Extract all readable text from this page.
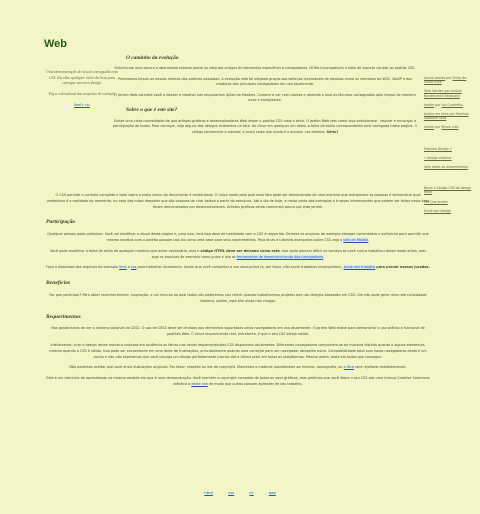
Web

Uma demonstração do visual conseguido com CSS. Escolha qualquer estilo da lista para carregar um novo design.

Faça o download dos arquivos de exemplo

html e css

O caminho da evolução

Entulhando uma escura e abarrotada estrada jazem as relíquias antigas de elementos específicos a navegadores, DOMs incompatíveis e falta de suporte correto ao padrão CSS.

Precisamos limpar as nossas mentes das práticas passadas. A evolução web foi elegada graças aos esforços incansáveis de pessoas como os membros do W3C, WaSP e dos criadores dos principais navegadores em uso atualmente.

O Jardim Web concede você a relaxar e resolhar nas importantes lições do Mestres. Comece a ver com clareza e aprenda a usar as técnicas consagradas pelo tempo de maneira nova e energizante.

Sobre o que é este site?

Existe uma clara necessidade de que artistas gráficos e desenvolvedores Web levem o padrão CSS mais a sério. O Jardim Web tem como alvo entusiasmar, inspirar e encorajar a participação de todos. Para começar, veja alguns dos designs existentes na lista. Ao clicar em qualquer um deles, a folha de estilo correspondente será carregada nesta página. O código permanece o mesmo; a única coisa que muda é o arquivo .css externo. Sério!

O CSS permite o controle completo e total sobre o estilo como um documento é renderizado. O único modo pelo qual essa fato pode ser demonstrado de uma maneira que entusiasme as pessoas é demonstrar qual verdadeira é a realidade do momento, no caso das mãos daqueles que são capazes de criar beleza a partir da estrutura. Até o dia de hoje, a maior parte dos exemplos e truques interessantes que podem ser feitos nesta área foram demonstrados por desenvolvedores. Artistas gráficos ainda caminham pouco por este jardim.

Participação

Qualquer pessoa pode participar. Você vai modificar o visual desta página e, para isso, uma boa dose de habilidade com o CSS é requerida. Embora os arquivos de exemplo estejam comentados o suficiente para permitir que mesmo novatos com o padrão possam usá-los como uma base para seus experimentos. Para dicas e tutoriais avançados sobre CSS veja o sitio da Mozilla.

Você pode modificar a folha de estilo de qualquer maneira que achar necessária, mas o código HTML deve ser deixado como está. Isso pode parecer difícil no começo se você nunca trabalhou desse modo antes, mas siga os arquivos de exemplo como guias e leia as ferramentas de desenvolvimento dos navegadores.

Faça o download dos arquivos de exemplo html e css para trabalhar localmente. Assim que você completar a sua obra-prima (e, por favor, não envie trabalhos incompletos!), envie seu trabalho para provar nossos jurados.

Benefícios

Por que participar? Para obter reconhecimento, inspiração, e um recurso ao qual todos nós poderemos nos referir quando trabalharmos projetos que use designs baseados em CSS. Um site pode gerar uma real curiosidade histórica, porém, este site ainda não chegou.

Requerimentos

Nos gostaríamos de ver o máximo possível de CSS2. O uso de CSS3 deve ser limitado aos elementos suportados pelos navegadores em uso atualmente. O Jardim Web existe para demonstrar o uso prático e funcional de padrões Web. O único requerimento real, entretanto, é que o seu CSS esteja válido.

Infelizmente, criar o design desse maneira colocará em evidência as falhas nas várias implementações CSS disponíveis atualmente. Diferentes navegadores comportam-se de maneira distinta quanto a alguns elementos, mesmo quando o CSS é válido. Isso pode ser conveniente em uma fonte de frustrações, principalmente quando uma correção para um navegador atrapalha outro. Compatibilidade total com todos navegadores ainda é um sonho e não não esperamos que você consiga um design perfeitamente preciso até a última pixel em todas as plataformas. Mesmo assim, teste em todas que conseguir.

Não podemos aceitar que você envie ilustrações originais. Por favor, respeite as leis de copyright. Mantenha o material questionável ao mínimo: pornografia, ou crítica será rejeitado imediatamente.

Este é um exercício de aprendizado na mesma medida em que é uma demonstração. Você mantém o copyright completo de todos os seus gráficos, mas pedimos que você libere o seu CSS sob uma licença Creative Commons idêntica à deste site de modo que outros possam aprender de seu trabalho.

Janela aberta por Emily da Costa Silva
Web Garden por Juliano Bandeirante Bellacasa
Jardim por Ivo Quartetto
Jardim em tinta por Marinus Sabadim Sera
Jardim por Bruno Inês
Próximo Design »
« Design anterior
Veja todos os experimentos
Baixe o código CSS do design atual
Por Que Jardim
Envie seu design
html	css	cc	aaa
